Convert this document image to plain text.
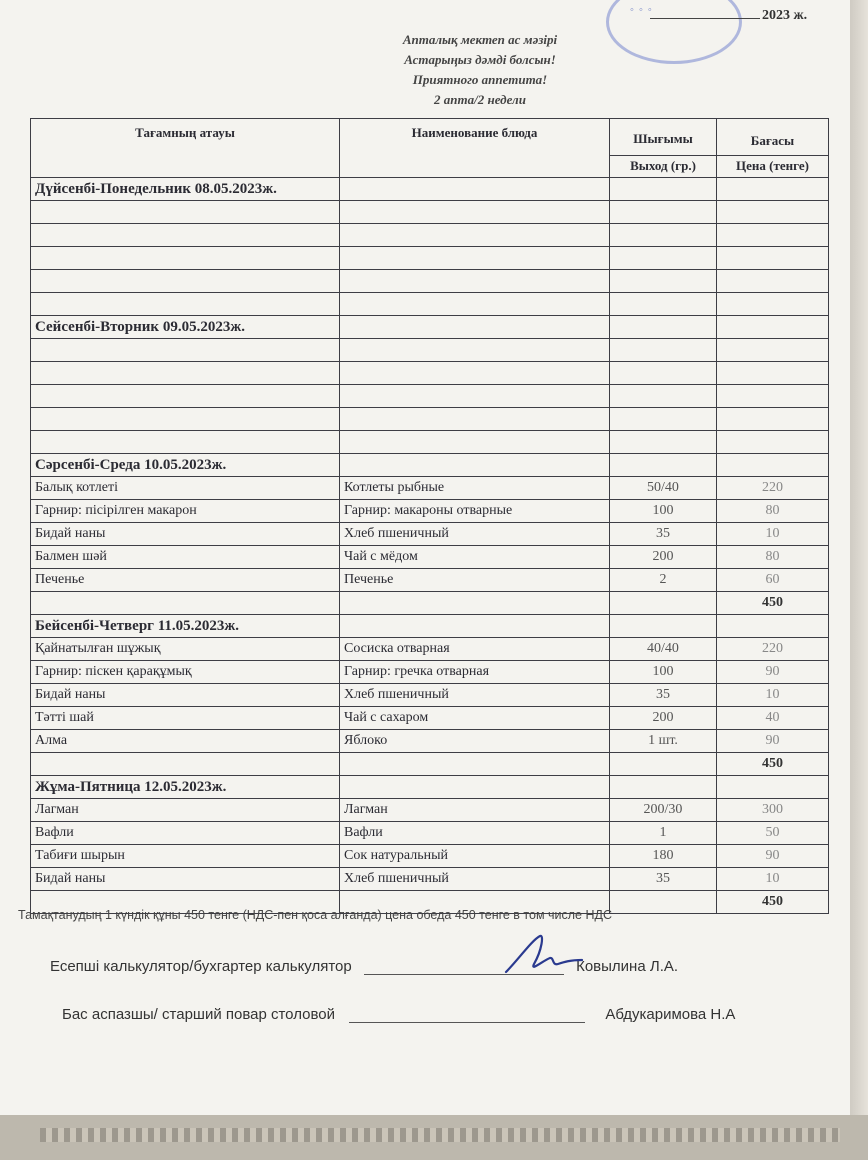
◦ ◦ ◦	2023 ж.
Апталық мектеп ас мәзірі
Астарыңыз дәмді болсын!
Приятного аппетита!
2 апта/2 недели
Тағамның атауы	Наименование блюда	Шығымы	Бағасы
		Выход (гр.)	Цена (тенге)
Дүйсенбі-Понедельник 08.05.2023ж.			

Сейсенбі-Вторник 09.05.2023ж.			

Сәрсенбі-Среда 10.05.2023ж.			
Балық котлеті	Котлеты рыбные	50/40	220
Гарнир: пісірілген макарон	Гарнир: макароны отварные	100	80
Бидай наны	Хлеб пшеничный	35	10
Балмен шәй	Чай с мёдом	200	80
Печенье	Печенье	2	60
			450
Бейсенбі-Четверг 11.05.2023ж.			
Қайнатылған шұжық	Сосиска отварная	40/40	220
Гарнир: піскен қарақұмық	Гарнир: гречка отварная	100	90
Бидай наны	Хлеб пшеничный	35	10
Тәтті шай	Чай с сахаром	200	40
Алма	Яблоко	1 шт.	90
			450
Жұма-Пятница 12.05.2023ж.			
Лагман	Лагман	200/30	300
Вафли	Вафли	1	50
Табиғи шырын	Сок натуральный	180	90
Бидай наны	Хлеб пшеничный	35	10
			450
Тамақтанудың 1 күндік құны 450 тенге (НДС-пен қоса алғанда) цена обеда 450 тенге в том числе НДС
Есепші калькулятор/бухгартер калькулятор	Ковылина Л.А.
Бас аспазшы/ старший повар столовой	Абдукаримова Н.А
